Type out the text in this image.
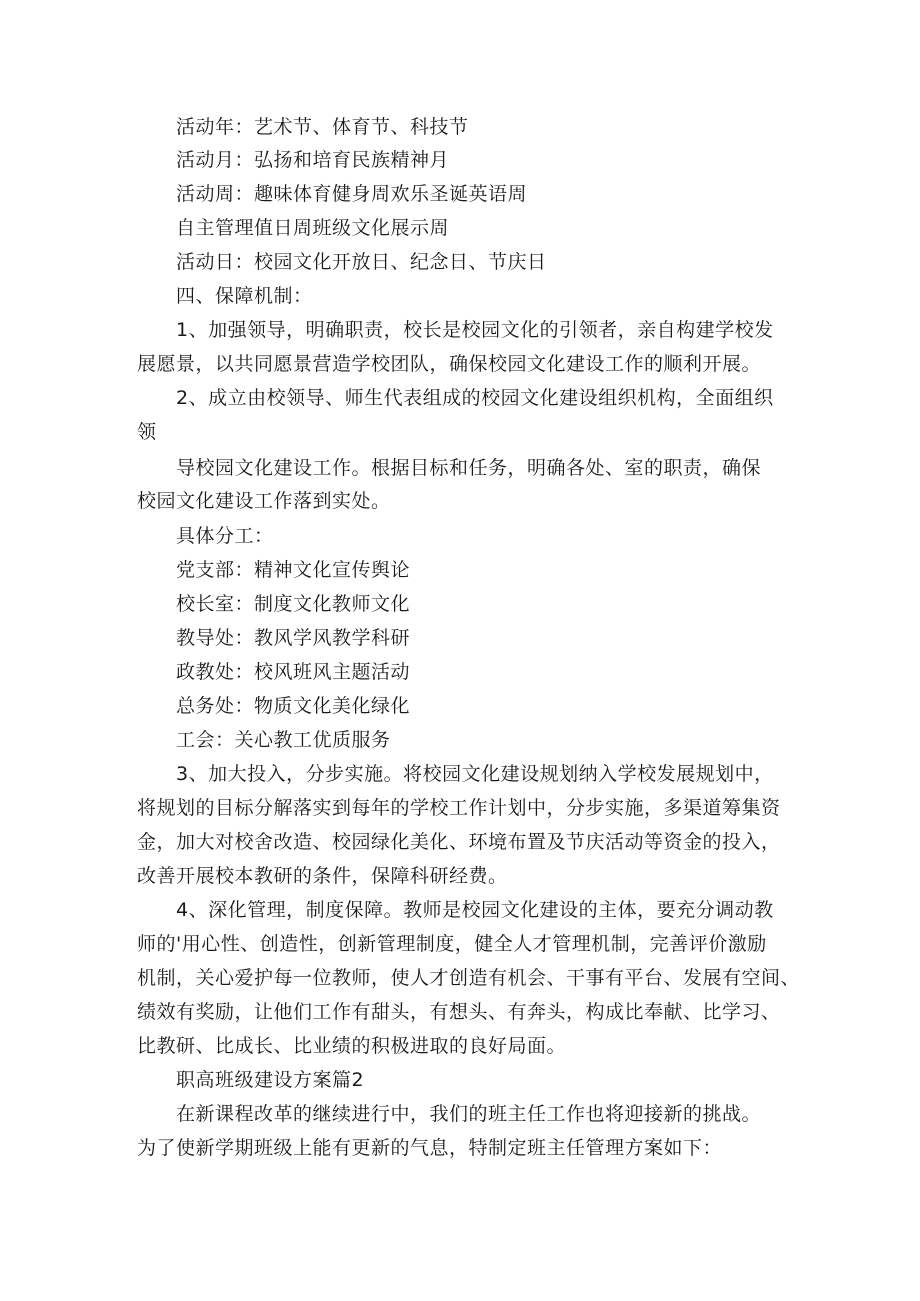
活动年：艺术节、体育节、科技节
活动月：弘扬和培育民族精神月
活动周：趣味体育健身周欢乐圣诞英语周
自主管理值日周班级文化展示周
活动日：校园文化开放日、纪念日、节庆日
四、保障机制：
1、加强领导，明确职责，校长是校园文化的引领者，亲自构建学校发
展愿景，以共同愿景营造学校团队，确保校园文化建设工作的顺利开展。
2、成立由校领导、师生代表组成的校园文化建设组织机构，全面组织
领
导校园文化建设工作。根据目标和任务，明确各处、室的职责，确保
校园文化建设工作落到实处。
具体分工：
党支部：精神文化宣传舆论
校长室：制度文化教师文化
教导处：教风学风教学科研
政教处：校风班风主题活动
总务处：物质文化美化绿化
工会：关心教工优质服务
3、加大投入，分步实施。将校园文化建设规划纳入学校发展规划中，
将规划的目标分解落实到每年的学校工作计划中，分步实施，多渠道筹集资
金，加大对校舍改造、校园绿化美化、环境布置及节庆活动等资金的投入，
改善开展校本教研的条件，保障科研经费。
4、深化管理，制度保障。教师是校园文化建设的主体，要充分调动教
师的'用心性、创造性，创新管理制度，健全人才管理机制，完善评价激励
机制，关心爱护每一位教师，使人才创造有机会、干事有平台、发展有空间、
绩效有奖励，让他们工作有甜头，有想头、有奔头，构成比奉献、比学习、
比教研、比成长、比业绩的积极进取的良好局面。
职高班级建设方案篇2
在新课程改革的继续进行中，我们的班主任工作也将迎接新的挑战。
为了使新学期班级上能有更新的气息，特制定班主任管理方案如下：
